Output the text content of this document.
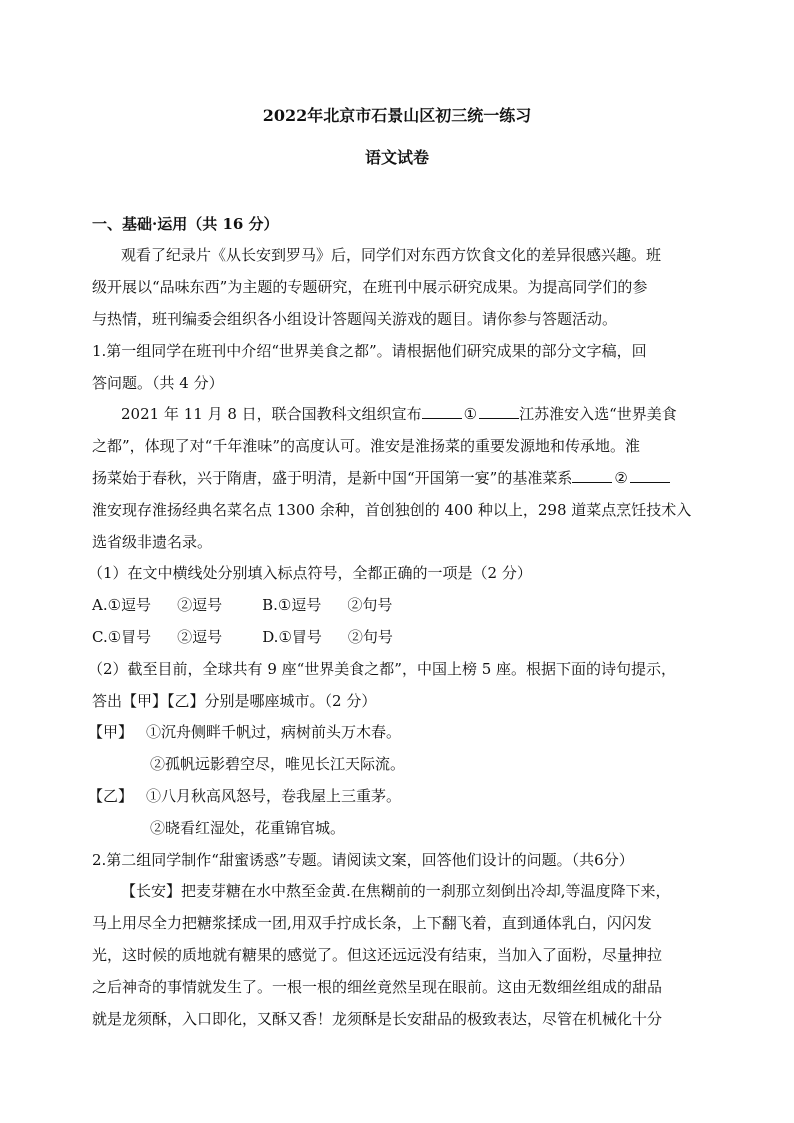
2022年北京市石景山区初三统一练习
语文试卷
一、基础·运用（共 16 分）
观看了纪录片《从长安到罗马》后，同学们对东西方饮食文化的差异很感兴趣。班
级开展以“品味东西”为主题的专题研究，在班刊中展示研究成果。为提高同学们的参
与热情，班刊编委会组织各小组设计答题闯关游戏的题目。请你参与答题活动。
1.第一组同学在班刊中介绍“世界美食之都”。请根据他们研究成果的部分文字稿，回
答问题。（共 4 分）
2021 年 11 月 8 日，联合国教科文组织宣布	①	江苏淮安入选“世界美食
之都”，体现了对“千年淮味”的高度认可。淮安是淮扬菜的重要发源地和传承地。淮
扬菜始于春秋，兴于隋唐，盛于明清，是新中国“开国第一宴”的基准菜系	②
淮安现存淮扬经典名菜名点 1300 余种，首创独创的 400 种以上，298 道菜点烹饪技术入
选省级非遗名录。
（1）在文中横线处分别填入标点符号，全都正确的一项是（2 分）
A.①逗号 ②逗号	B.①逗号 ②句号
C.①冒号 ②逗号	D.①冒号 ②句号
（2）截至目前，全球共有 9 座“世界美食之都”，中国上榜 5 座。根据下面的诗句提示，
答出【甲】【乙】分别是哪座城市。（2 分）
【甲】 ①沉舟侧畔千帆过，病树前头万木春。
②孤帆远影碧空尽，唯见长江天际流。
【乙】 ①八月秋高风怒号，卷我屋上三重茅。
②晓看红湿处，花重锦官城。
2.第二组同学制作“甜蜜诱惑”专题。请阅读文案，回答他们设计的问题。（共6分）
【长安】把麦芽糖在水中熬至金黄.在焦糊前的一刹那立刻倒出冷却,等温度降下来，
马上用尽全力把糖浆揉成一团,用双手拧成长条，上下翻飞着，直到通体乳白，闪闪发
光，这时候的质地就有糖果的感觉了。但这还远远没有结束，当加入了面粉，尽量抻拉
之后神奇的事情就发生了。一根一根的细丝竟然呈现在眼前。这由无数细丝组成的甜品
就是龙须酥，入口即化，又酥又香！龙须酥是长安甜品的极致表达，尽管在机械化十分
